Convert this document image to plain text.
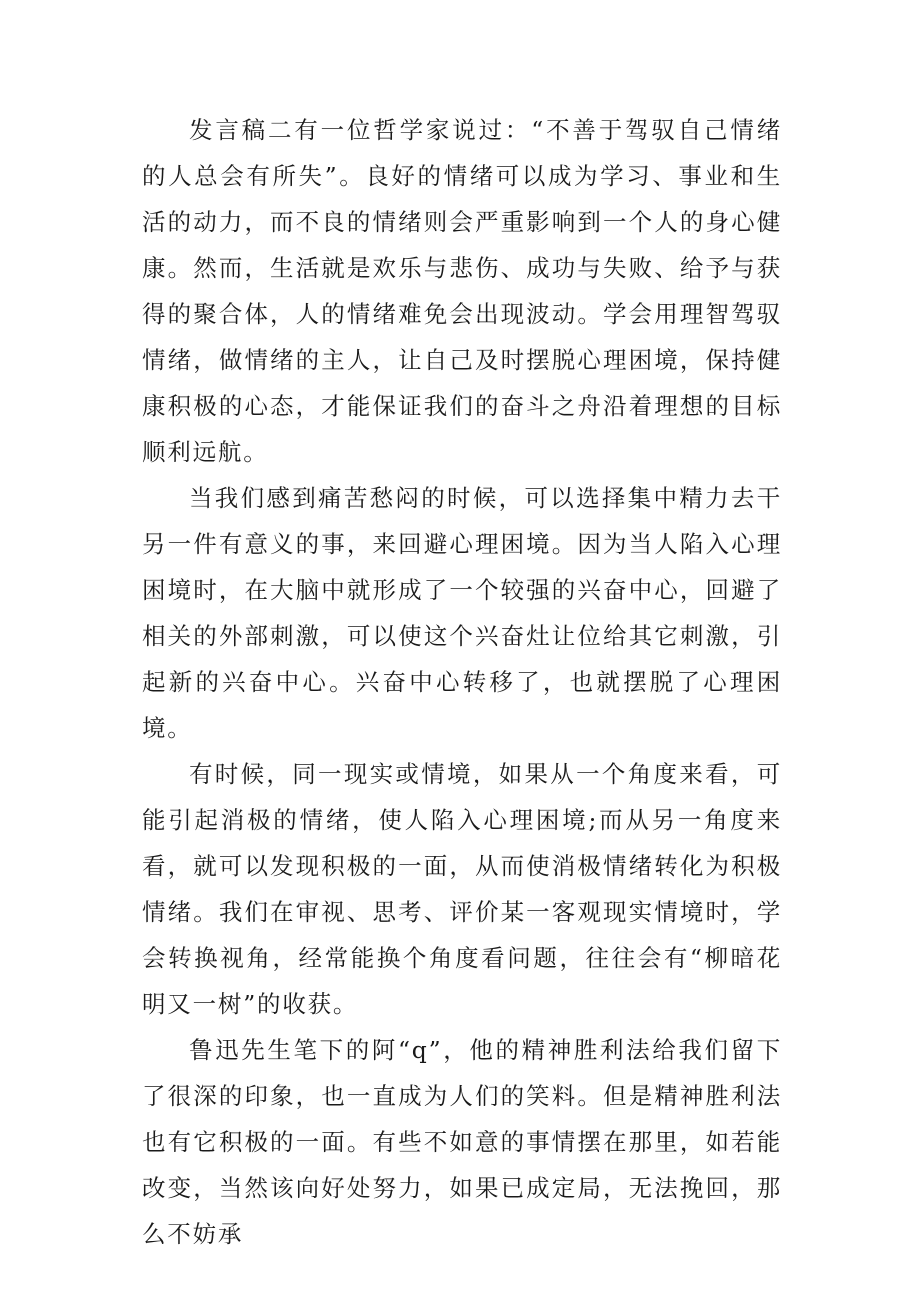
发言稿二有一位哲学家说过：“不善于驾驭自己情绪的人总会有所失”。良好的情绪可以成为学习、事业和生活的动力，而不良的情绪则会严重影响到一个人的身心健康。然而，生活就是欢乐与悲伤、成功与失败、给予与获得的聚合体，人的情绪难免会出现波动。学会用理智驾驭情绪，做情绪的主人，让自己及时摆脱心理困境，保持健康积极的心态，才能保证我们的奋斗之舟沿着理想的目标顺利远航。

当我们感到痛苦愁闷的时候，可以选择集中精力去干另一件有意义的事，来回避心理困境。因为当人陷入心理困境时，在大脑中就形成了一个较强的兴奋中心，回避了相关的外部刺激，可以使这个兴奋灶让位给其它刺激，引起新的兴奋中心。兴奋中心转移了，也就摆脱了心理困境。

有时候，同一现实或情境，如果从一个角度来看，可能引起消极的情绪，使人陷入心理困境;而从另一角度来看，就可以发现积极的一面，从而使消极情绪转化为积极情绪。我们在审视、思考、评价某一客观现实情境时，学会转换视角，经常能换个角度看问题，往往会有“柳暗花明又一树”的收获。

鲁迅先生笔下的阿“q”，他的精神胜利法给我们留下了很深的印象，也一直成为人们的笑料。但是精神胜利法也有它积极的一面。有些不如意的事情摆在那里，如若能改变，当然该向好处努力，如果已成定局，无法挽回，那么不妨承
